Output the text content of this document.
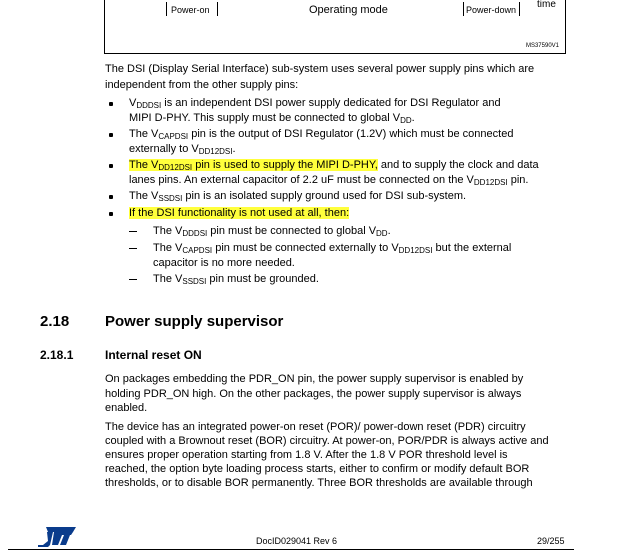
Power-on	Operating mode	Power-down time
MS37590V1
The DSI (Display Serial Interface) sub-system uses several power supply pins which are
independent from the other supply pins:
$V_{DDDSI}$ is an independent DSI power supply dedicated for DSI Regulator and
MIPI D-PHY. This supply must be connected to global $V_{DD}$.
The $V_{CAPDSI}$ pin is the output of DSI Regulator (1.2V) which must be connected
externally to $V_{DD12DSI}$.
The $V_{DD12DSI}$ pin is used to supply the MIPI D-PHY, and to supply the clock and data
lanes pins. An external capacitor of 2.2 uF must be connected on the $V_{DD12DSI}$ pin.
The $V_{SSDSI}$ pin is an isolated supply ground used for DSI sub-system.
If the DSI functionality is not used at all, then:
The $V_{DDDSI}$ pin must be connected to global $V_{DD}$.
The $V_{CAPDSI}$ pin must be connected externally to $V_{DD12DSI}$ but the external
capacitor is no more needed.
The $V_{SSDSI}$ pin must be grounded.
2.18 Power supply supervisor
2.18.1	Internal reset ON
On packages embedding the PDR_ON pin, the power supply supervisor is enabled by
holding PDR_ON high. On the other packages, the power supply supervisor is always
enabled.
The device has an integrated power-on reset (POR)/ power-down reset (PDR) circuitry
coupled with a Brownout reset (BOR) circuitry. At power-on, POR/PDR is always active and
ensures proper operation starting from 1.8 V. After the 1.8 V POR threshold level is
reached, the option byte loading process starts, either to confirm or modify default BOR
thresholds, or to disable BOR permanently. Three BOR thresholds are available through
DocID029041 Rev 6	29/255
